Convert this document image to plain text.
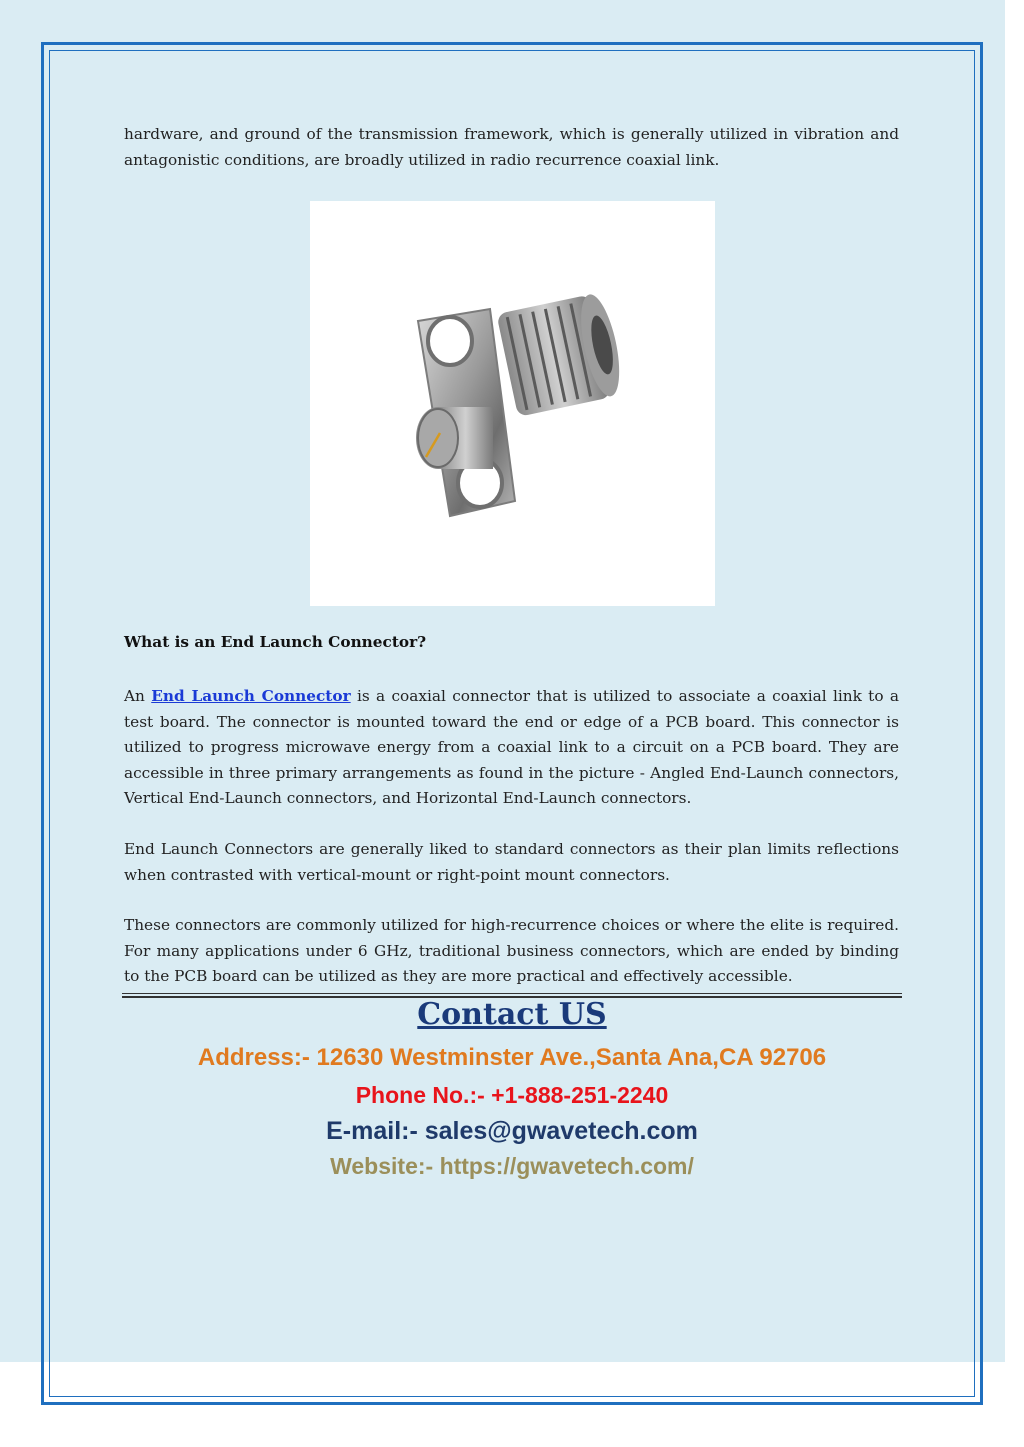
hardware, and ground of the transmission framework, which is generally utilized in vibration and antagonistic conditions, are broadly utilized in radio recurrence coaxial link.

What is an End Launch Connector?

An End Launch Connector is a coaxial connector that is utilized to associate a coaxial link to a test board. The connector is mounted toward the end or edge of a PCB board. This connector is utilized to progress microwave energy from a coaxial link to a circuit on a PCB board. They are accessible in three primary arrangements as found in the picture - Angled End-Launch connectors, Vertical End-Launch connectors, and Horizontal End-Launch connectors.

End Launch Connectors are generally liked to standard connectors as their plan limits reflections when contrasted with vertical-mount or right-point mount connectors.

These connectors are commonly utilized for high-recurrence choices or where the elite is required. For many applications under 6 GHz, traditional business connectors, which are ended by binding to the PCB board can be utilized as they are more practical and effectively accessible.

Contact US
Address:- 12630 Westminster Ave.,Santa Ana,CA 92706
Phone No.:- +1-888-251-2240
E-mail:- sales@gwavetech.com
Website:- https://gwavetech.com/
